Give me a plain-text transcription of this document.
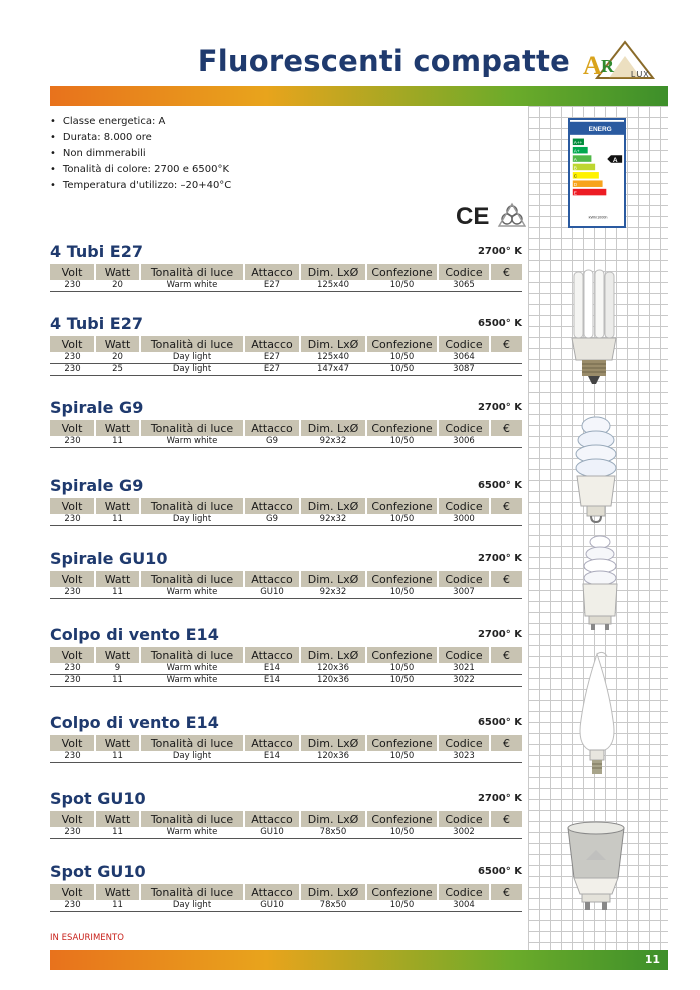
Fluorescenti compatte A R LUX
• Classe energetica: A
• Durata: 8.000 ore
• Non dimmerabili
• Tonalità di colore: 2700 e 6500°K
• Temperatura d'utilizzo: –20+40°C
CE
ENERG
A++
A+
A
B
C
D
E
A
kWh/1000h
4 Tubi E27	2700° K
Volt	Watt	Tonalità di luce	Attacco	Dim. LxØ	Confezione	Codice	€
230	20	Warm white	E27	125x40	10/50	3065	
4 Tubi E27	6500° K
Volt	Watt	Tonalità di luce	Attacco	Dim. LxØ	Confezione	Codice	€
230	20	Day light	E27	125x40	10/50	3064	
230	25	Day light	E27	147x47	10/50	3087	
Spirale G9	2700° K
Volt	Watt	Tonalità di luce	Attacco	Dim. LxØ	Confezione	Codice	€
230	11	Warm white	G9	92x32	10/50	3006	
Spirale G9	6500° K
Volt	Watt	Tonalità di luce	Attacco	Dim. LxØ	Confezione	Codice	€
230	11	Day light	G9	92x32	10/50	3000	
Spirale GU10	2700° K
Volt	Watt	Tonalità di luce	Attacco	Dim. LxØ	Confezione	Codice	€
230	11	Warm white	GU10	92x32	10/50	3007	
Colpo di vento E14	2700° K
Volt	Watt	Tonalità di luce	Attacco	Dim. LxØ	Confezione	Codice	€
230	9	Warm white	E14	120x36	10/50	3021	
230	11	Warm white	E14	120x36	10/50	3022	
Colpo di vento E14	6500° K
Volt	Watt	Tonalità di luce	Attacco	Dim. LxØ	Confezione	Codice	€
230	11	Day light	E14	120x36	10/50	3023	
Spot GU10	2700° K
Volt	Watt	Tonalità di luce	Attacco	Dim. LxØ	Confezione	Codice	€
230	11	Warm white	GU10	78x50	10/50	3002	
Spot GU10	6500° K
Volt	Watt	Tonalità di luce	Attacco	Dim. LxØ	Confezione	Codice	€
230	11	Day light	GU10	78x50	10/50	3004	
IN ESAURIMENTO
11
